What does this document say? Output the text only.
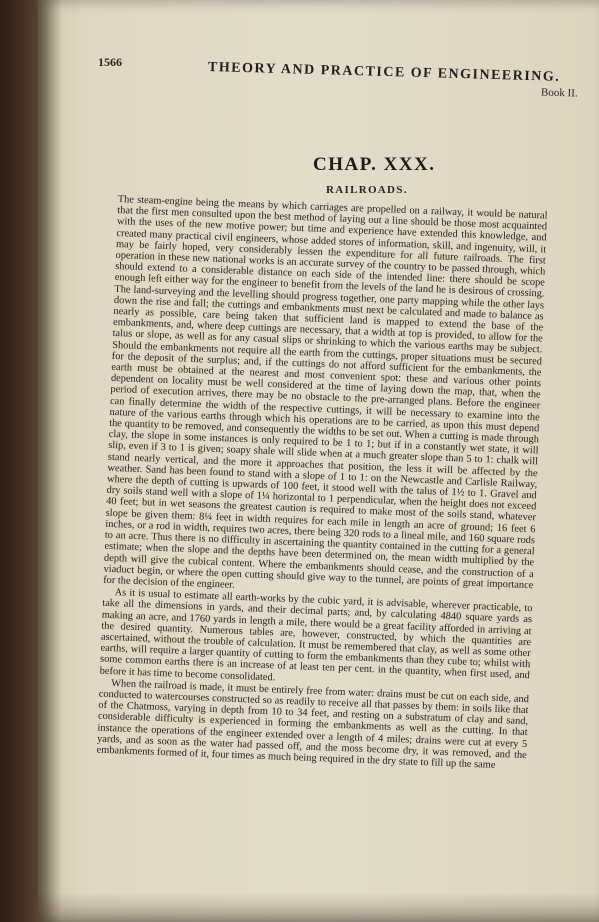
1566	THEORY AND PRACTICE OF ENGINEERING.
Book II.
CHAP. XXX.
RAILROADS.

The steam-engine being the means by which carriages are propelled on a railway, it would be natural that the first men consulted upon the best method of laying out a line should be those most acquainted with the uses of the new motive power; but time and experience have extended this knowledge, and created many practical civil engineers, whose added stores of information, skill, and ingenuity, will, it may be fairly hoped, very considerably lessen the expenditure for all future railroads. The first operation in these new national works is an accurate survey of the country to be passed through, which should extend to a considerable distance on each side of the intended line: there should be scope enough left either way for the engineer to benefit from the levels of the land he is desirous of crossing. The land-surveying and the levelling should progress together, one party mapping while the other lays down the rise and fall; the cuttings and embankments must next be calculated and made to balance as nearly as possible, care being taken that sufficient land is mapped to extend the base of the embankments, and, where deep cuttings are necessary, that a width at top is provided, to allow for the talus or slope, as well as for any casual slips or shrinking to which the various earths may be subject. Should the embankments not require all the earth from the cuttings, proper situations must be secured for the deposit of the surplus; and, if the cuttings do not afford sufficient for the embankments, the earth must be obtained at the nearest and most convenient spot: these and various other points dependent on locality must be well considered at the time of laying down the map, that, when the period of execution arrives, there may be no obstacle to the pre-arranged plans. Before the engineer can finally determine the width of the respective cuttings, it will be necessary to examine into the nature of the various earths through which his operations are to be carried, as upon this must depend the quantity to be removed, and consequently the widths to be set out. When a cutting is made through clay, the slope in some instances is only required to be 1 to 1; but if in a constantly wet state, it will slip, even if 3 to 1 is given; soapy shale will slide when at a much greater slope than 5 to 1: chalk will stand nearly vertical, and the more it approaches that position, the less it will be affected by the weather. Sand has been found to stand with a slope of 1 to 1: on the Newcastle and Carlisle Railway, where the depth of cutting is upwards of 100 feet, it stood well with the talus of 1½ to 1. Gravel and dry soils stand well with a slope of 1¼ horizontal to 1 perpendicular, when the height does not exceed 40 feet; but in wet seasons the greatest caution is required to make most of the soils stand, whatever slope be given them: 8¼ feet in width requires for each mile in length an acre of ground; 16 feet 6 inches, or a rod in width, requires two acres, there being 320 rods to a lineal mile, and 160 square rods to an acre. Thus there is no difficulty in ascertaining the quantity contained in the cutting for a general estimate; when the slope and the depths have been determined on, the mean width multiplied by the depth will give the cubical content. Where the embankments should cease, and the construction of a viaduct begin, or where the open cutting should give way to the tunnel, are points of great importance for the decision of the engineer.

As it is usual to estimate all earth-works by the cubic yard, it is advisable, wherever practicable, to take all the dimensions in yards, and their decimal parts; and, by calculating 4840 square yards as making an acre, and 1760 yards in length a mile, there would be a great facility afforded in arriving at the desired quantity. Numerous tables are, however, constructed, by which the quantities are ascertained, without the trouble of calculation. It must be remembered that clay, as well as some other earths, will require a larger quantity of cutting to form the embankments than they cube to; whilst with some common earths there is an increase of at least ten per cent. in the quantity, when first used, and before it has time to become consolidated.

When the railroad is made, it must be entirely free from water: drains must be cut on each side, and conducted to watercourses constructed so as readily to receive all that passes by them: in soils like that of the Chatmoss, varying in depth from 10 to 34 feet, and resting on a substratum of clay and sand, considerable difficulty is experienced in forming the embankments as well as the cutting. In that instance the operations of the engineer extended over a length of 4 miles; drains were cut at every 5 yards, and as soon as the water had passed off, and the moss become dry, it was removed, and the embankments formed of it, four times as much being required in the dry state to fill up the same
